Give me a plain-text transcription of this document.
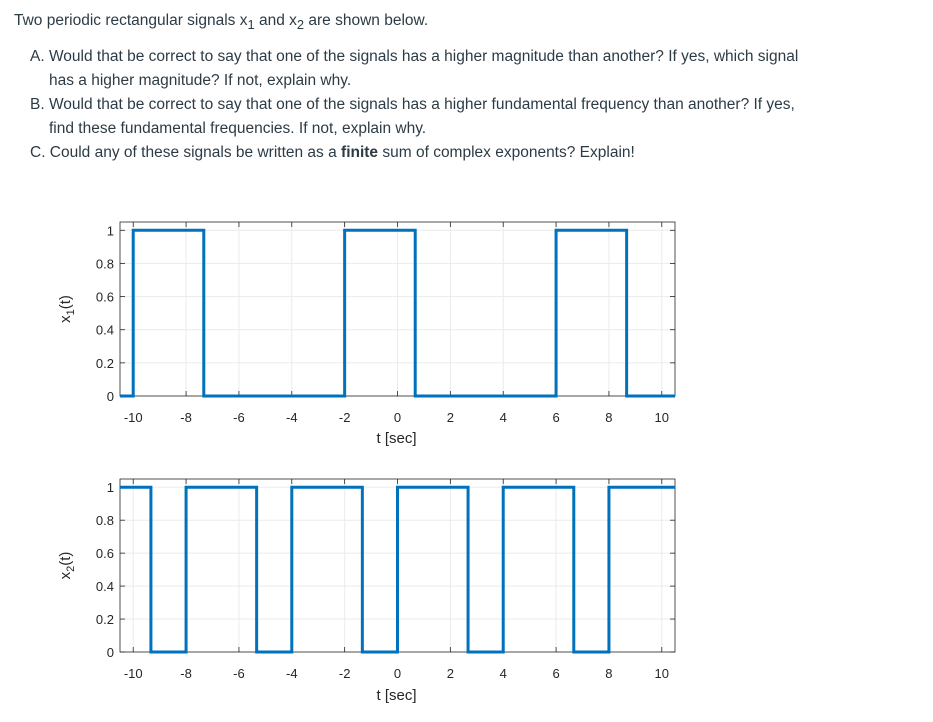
Two periodic rectangular signals $x_1$ and $x_2$ are shown below.
A. Would that be correct to say that one of the signals has a higher magnitude than another? If yes, which signal
has a higher magnitude? If not, explain why.
B. Would that be correct to say that one of the signals has a higher fundamental frequency than another? If yes,
find these fundamental frequencies. If not, explain why.
C. Could any of these signals be written as a finite sum of complex exponents? Explain!
-10	-8	-6	-4	-2	0	2	4	6	8	10
0
0.2
0.4
0.6
0.8
1
t [sec]
$x_1(t)$
-10	-8	-6	-4	-2	0	2	4	6	8	10
0
0.2
0.4
0.6
0.8
1
t [sec]
$x_2(t)$
